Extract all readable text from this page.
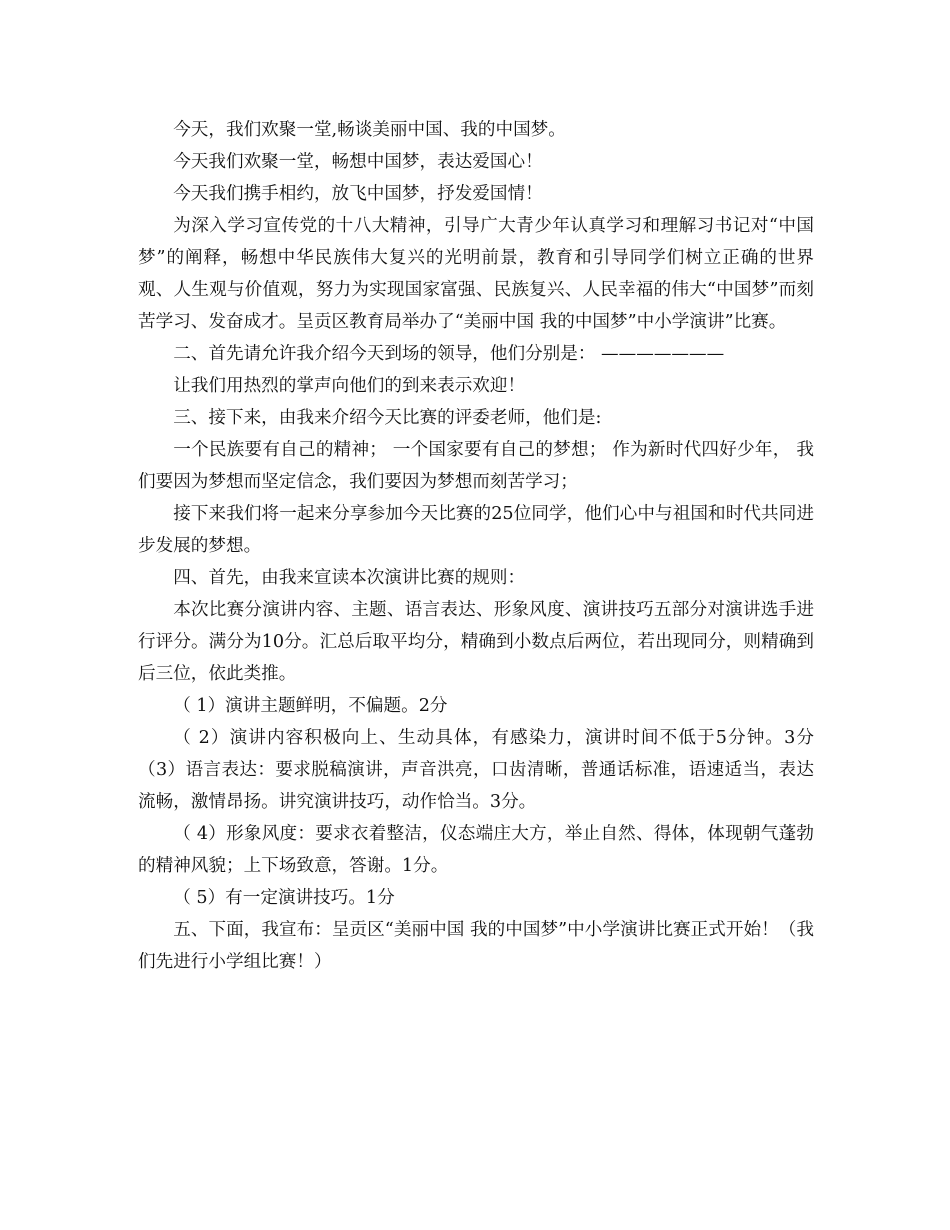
今天，我们欢聚一堂,畅谈美丽中国、我的中国梦。

今天我们欢聚一堂，畅想中国梦，表达爱国心！

今天我们携手相约，放飞中国梦，抒发爱国情！

为深入学习宣传党的十八大精神，引导广大青少年认真学习和理解习书记对“中国梦”的阐释，畅想中华民族伟大复兴的光明前景，教育和引导同学们树立正确的世界观、人生观与价值观，努力为实现国家富强、民族复兴、人民幸福的伟大“中国梦”而刻苦学习、发奋成才。呈贡区教育局举办了“美丽中国 我的中国梦”中小学演讲”比赛。

二、首先请允许我介绍今天到场的领导，他们分别是： ———————

让我们用热烈的掌声向他们的到来表示欢迎！

三、接下来，由我来介绍今天比赛的评委老师，他们是:

一个民族要有自己的精神； 一个国家要有自己的梦想； 作为新时代四好少年， 我们要因为梦想而坚定信念，我们要因为梦想而刻苦学习；

接下来我们将一起来分享参加今天比赛的25位同学，他们心中与祖国和时代共同进步发展的梦想。

四、首先，由我来宣读本次演讲比赛的规则：

本次比赛分演讲内容、主题、语言表达、形象风度、演讲技巧五部分对演讲选手进行评分。满分为10分。汇总后取平均分，精确到小数点后两位，若出现同分，则精确到后三位，依此类推。

（ 1）演讲主题鲜明，不偏题。2分

（ 2）演讲内容积极向上、生动具体，有感染力，演讲时间不低于5分钟。3分 （3）语言表达：要求脱稿演讲，声音洪亮，口齿清晰，普通话标准，语速适当，表达流畅，激情昂扬。讲究演讲技巧，动作恰当。3分。

（ 4）形象风度：要求衣着整洁，仪态端庄大方，举止自然、得体，体现朝气蓬勃的精神风貌；上下场致意，答谢。1分。

（ 5）有一定演讲技巧。1分

五、下面，我宣布：呈贡区“美丽中国 我的中国梦”中小学演讲比赛正式开始！（我们先进行小学组比赛！）
